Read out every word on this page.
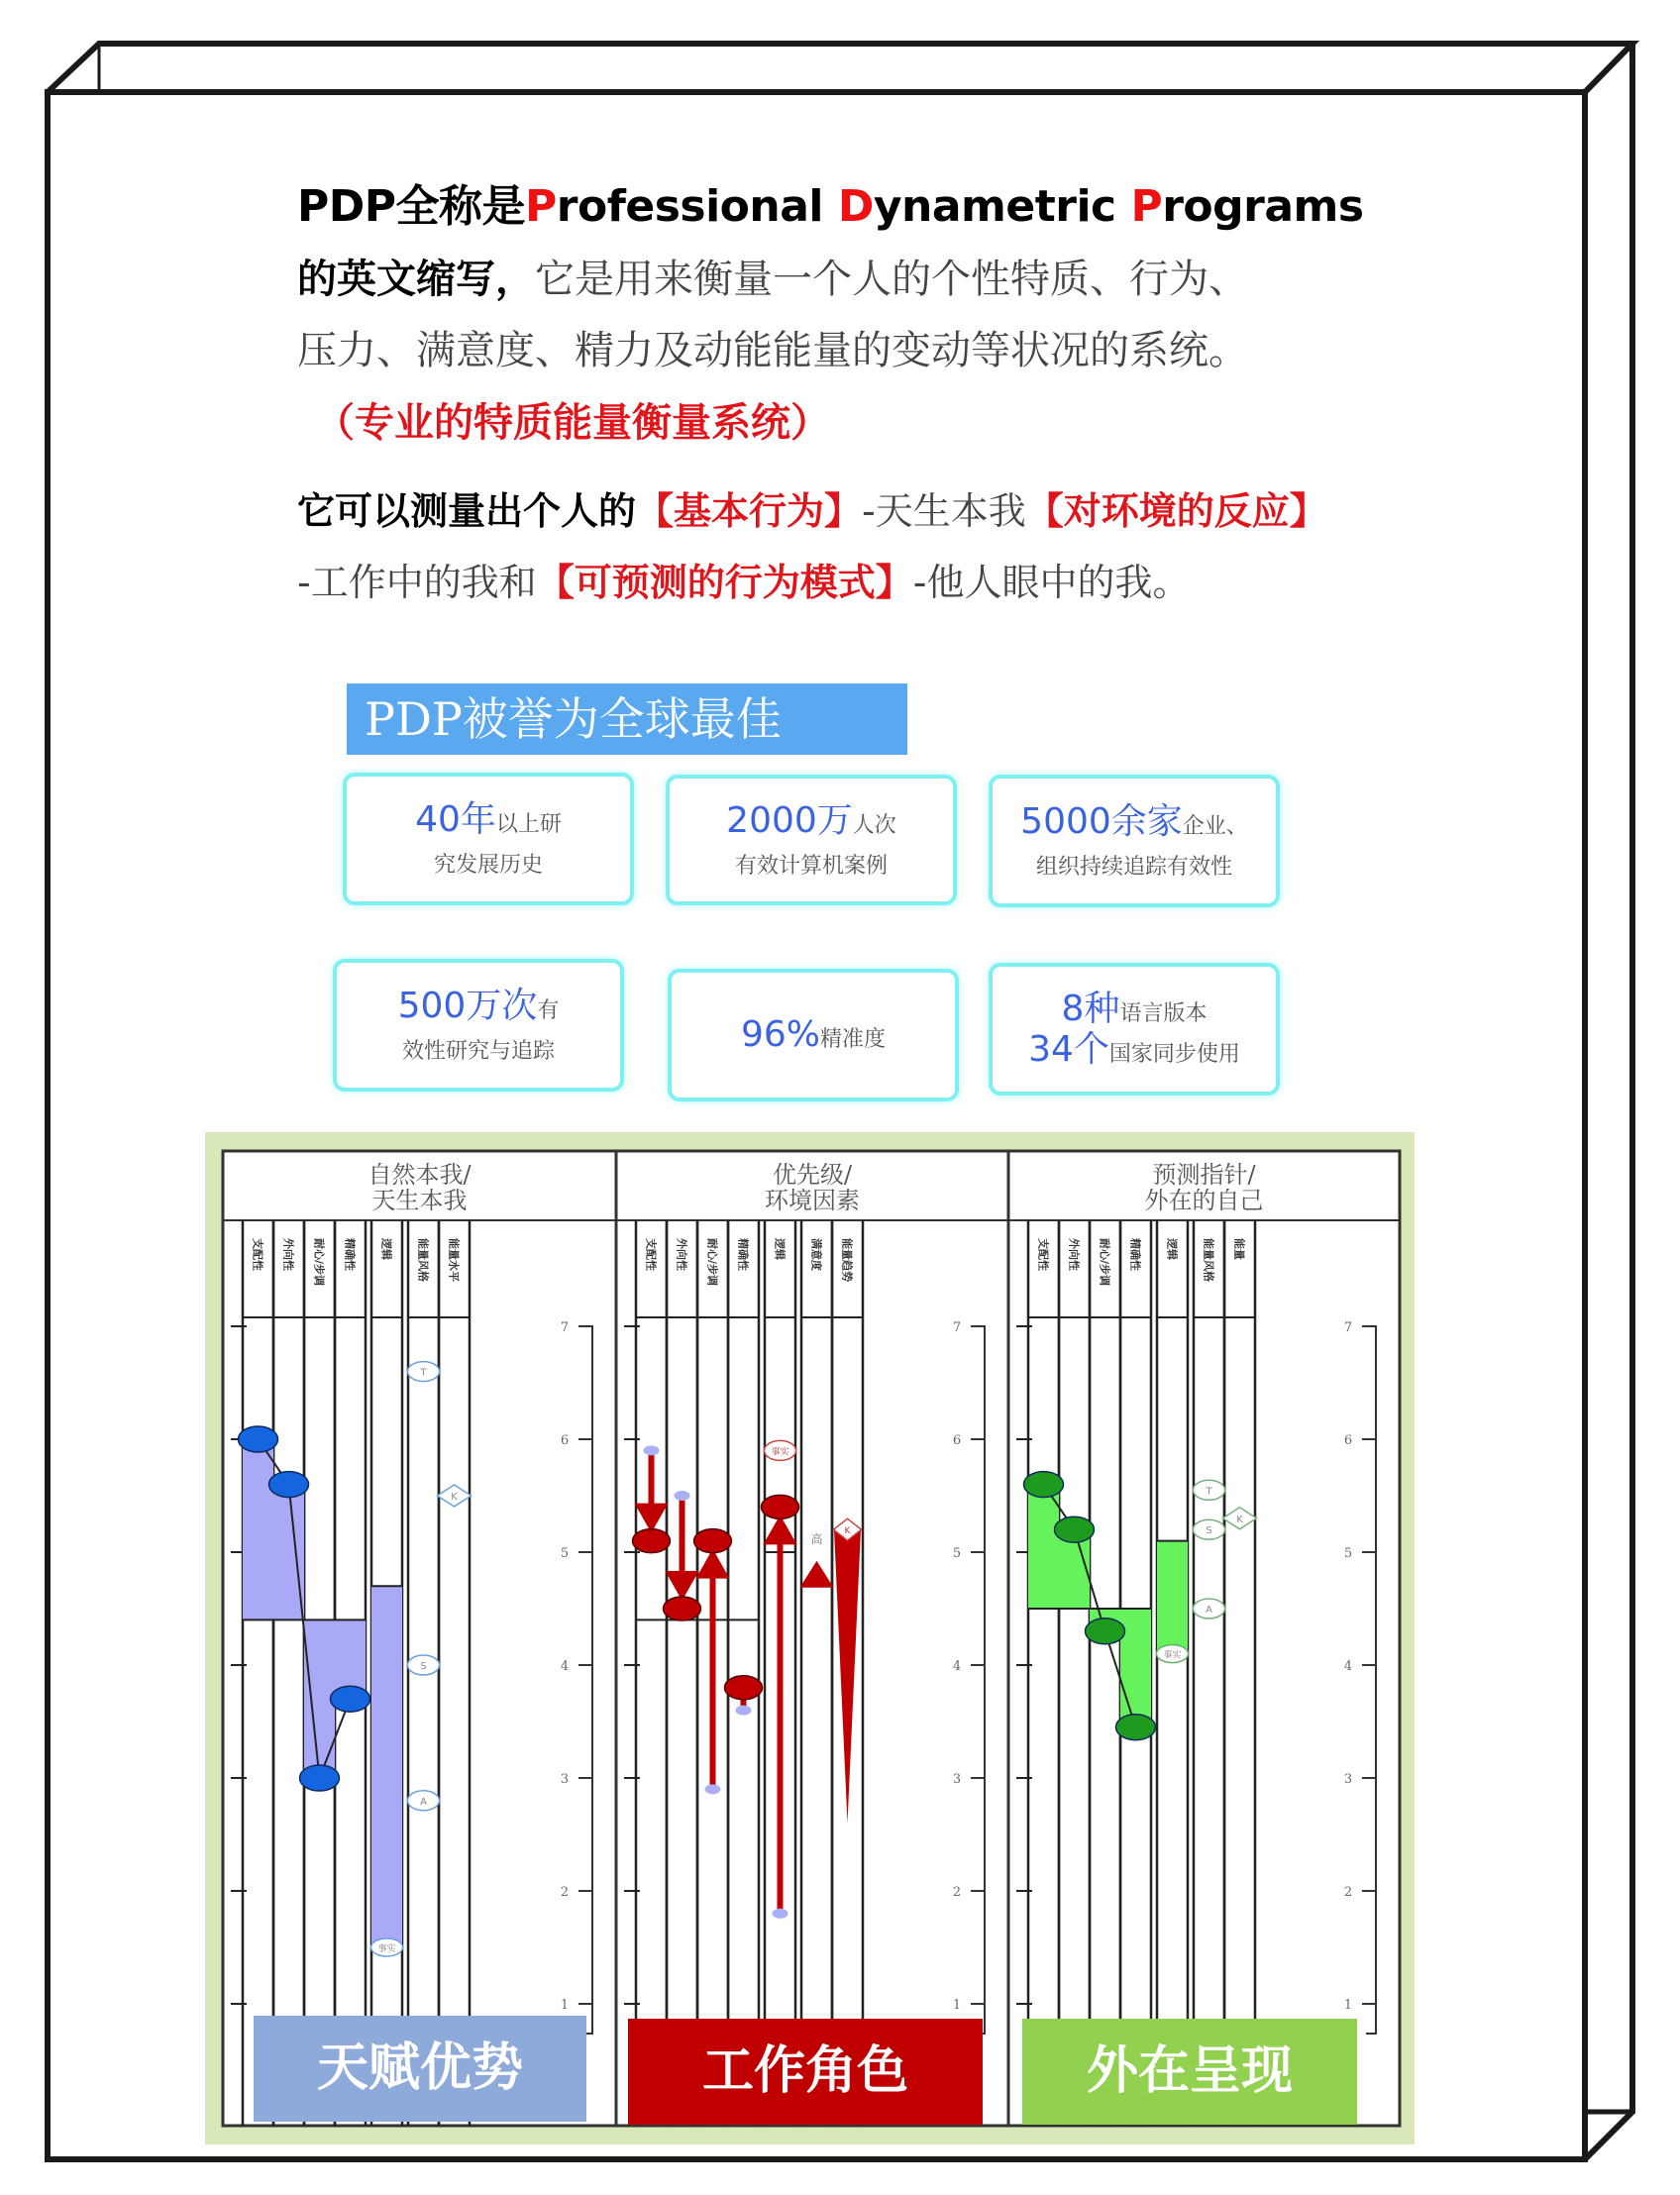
PDP全称是Professional Dynametric Programs
的英文缩写，它是用来衡量一个人的个性特质、行为、
压力、满意度、精力及动能能量的变动等状况的系统。
（专业的特质能量衡量系统）
它可以测量出个人的【基本行为】-天生本我【对环境的反应】
-工作中的我和【可预测的行为模式】-他人眼中的我。
PDP被誉为全球最佳
40年以上研
究发展历史
2000万人次
有效计算机案例
5000余家企业、
组织持续追踪有效性
500万次有
效性研究与追踪	96%精准度
8种语言版本
34个国家同步使用
自然本我/
天生本我
支配性 外向性 耐心/步调 精确性 逻辑 能量风格 能量水平
1
2
3
4
5
6
7
事实
T
S
A
K
优先级/
环境因素
支配性 外向性 耐心/步调 精确性 逻辑 满意度 能量趋势
1
2
3
4
5
6
7
事实
高
K
预测指针/
外在的自己
支配性 外向性 耐心/步调 精确性 逻辑 能量风格 能量
1
2
3
4
5
6
7
事实
T
S
A
K
天赋优势	工作角色	外在呈现
